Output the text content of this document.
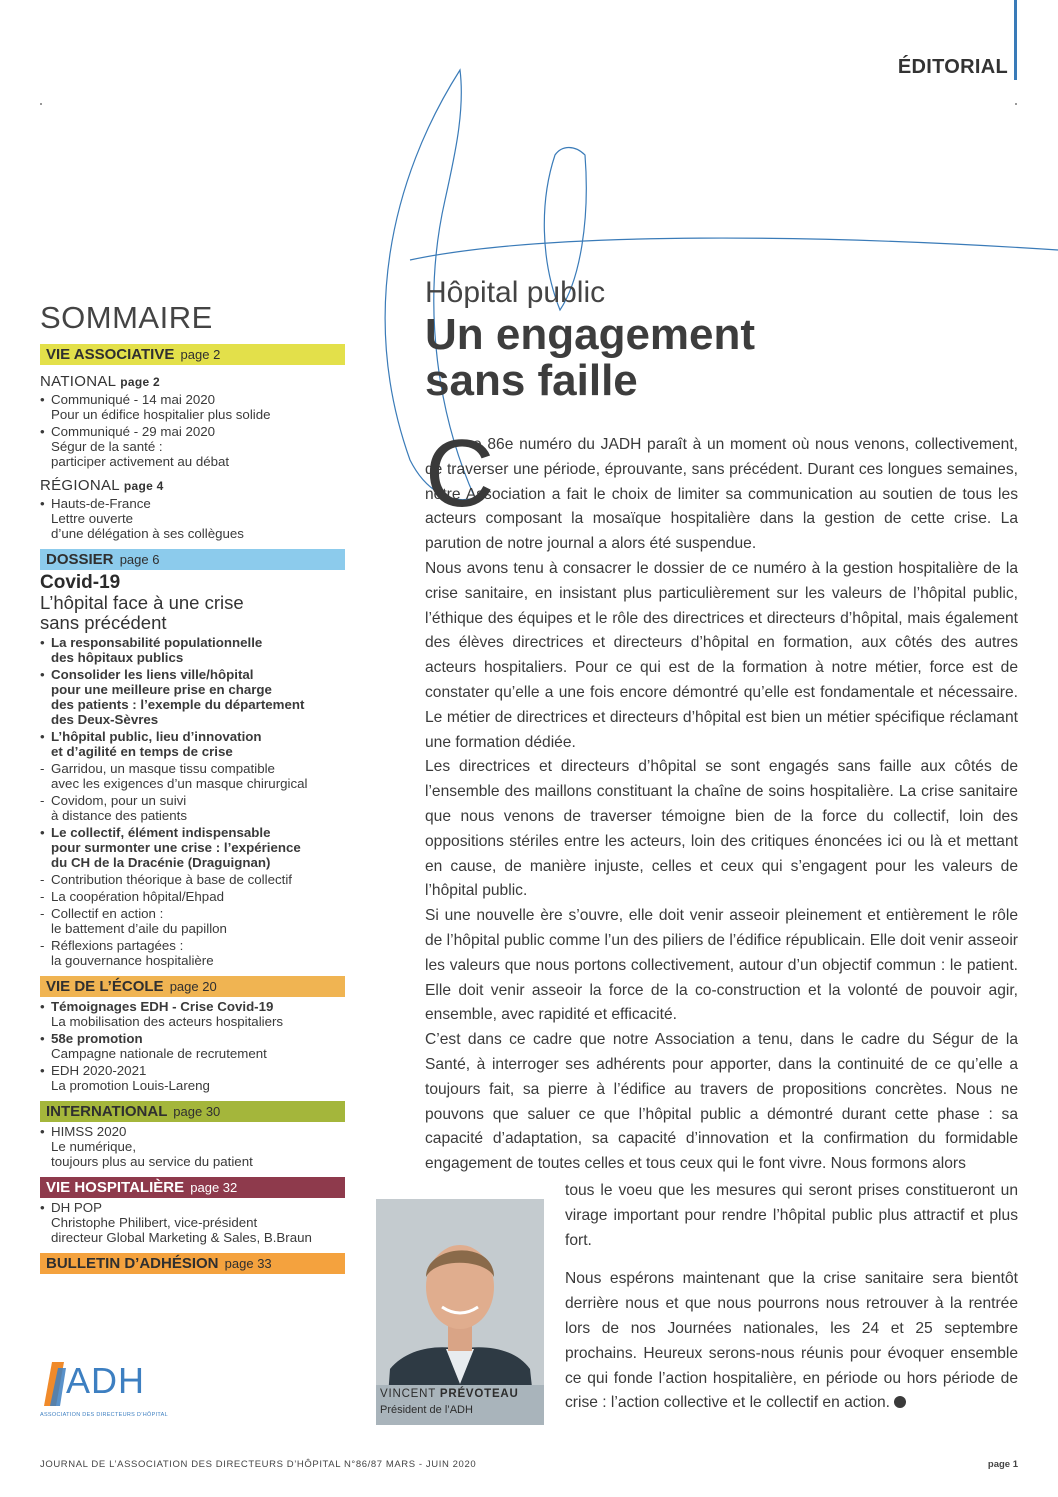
ÉDITORIAL
SOMMAIRE
VIE ASSOCIATIVE page 2
NATIONAL page 2
• Communiqué - 14 mai 2020
Pour un édifice hospitalier plus solide
• Communiqué - 29 mai 2020
Ségur de la santé :
participer activement au débat
RÉGIONAL page 4
• Hauts-de-France
Lettre ouverte
d’une délégation à ses collègues
DOSSIER page 6
Covid-19
L’hôpital face à une crise
sans précédent
• La responsabilité populationnelle
des hôpitaux publics
• Consolider les liens ville/hôpital
pour une meilleure prise en charge
des patients : l’exemple du département
des Deux-Sèvres
• L’hôpital public, lieu d’innovation
et d’agilité en temps de crise
- Garridou, un masque tissu compatible
avec les exigences d’un masque chirurgical
- Covidom, pour un suivi
à distance des patients
• Le collectif, élément indispensable
pour surmonter une crise : l’expérience
du CH de la Dracénie (Draguignan)
- Contribution théorique à base de collectif
- La coopération hôpital/Ehpad
- Collectif en action :
le battement d’aile du papillon
- Réflexions partagées :
la gouvernance hospitalière
VIE DE L’ÉCOLE page 20
• Témoignages EDH - Crise Covid-19
La mobilisation des acteurs hospitaliers
• 58e promotion
Campagne nationale de recrutement
• EDH 2020-2021
La promotion Louis-Lareng
INTERNATIONAL page 30
• HIMSS 2020
Le numérique,
toujours plus au service du patient
VIE HOSPITALIÈRE page 32
• DH POP
Christophe Philibert, vice-président
directeur Global Marketing & Sales, B.Braun
BULLETIN D’ADHÉSION page 33
ADH
ASSOCIATION DES DIRECTEURS D’HÔPITAL
Hôpital public
Un engagement
sans faille
C

e 86e numéro du JADH paraît à un moment où nous venons, collectivement, de traverser une période, éprouvante, sans précédent. Durant ces longues semaines, notre Association a fait le choix de limiter sa communication au soutien de tous les acteurs composant la mosaïque hospitalière dans la gestion de cette crise. La parution de notre journal a alors été suspendue.

Nous avons tenu à consacrer le dossier de ce numéro à la gestion hospitalière de la crise sanitaire, en insistant plus particulièrement sur les valeurs de l’hôpital public, l’éthique des équipes et le rôle des directrices et directeurs d’hôpital, mais également des élèves directrices et directeurs d’hôpital en formation, aux côtés des autres acteurs hospitaliers. Pour ce qui est de la formation à notre métier, force est de constater qu’elle a une fois encore démontré qu’elle est fondamentale et nécessaire. Le métier de directrices et directeurs d’hôpital est bien un métier spécifique réclamant une formation dédiée.

Les directrices et directeurs d’hôpital se sont engagés sans faille aux côtés de l’ensemble des maillons constituant la chaîne de soins hospitalière. La crise sanitaire que nous venons de traverser témoigne bien de la force du collectif, loin des oppositions stériles entre les acteurs, loin des critiques énoncées ici ou là et mettant en cause, de manière injuste, celles et ceux qui s’engagent pour les valeurs de l’hôpital public.

Si une nouvelle ère s’ouvre, elle doit venir asseoir pleinement et entièrement le rôle de l’hôpital public comme l’un des piliers de l’édifice républicain. Elle doit venir asseoir les valeurs que nous portons collectivement, autour d’un objectif commun : le patient. Elle doit venir asseoir la force de la co-construction et la volonté de pouvoir agir, ensemble, avec rapidité et efficacité.

C’est dans ce cadre que notre Association a tenu, dans le cadre du Ségur de la Santé, à interroger ses adhérents pour apporter, dans la continuité de ce qu’elle a toujours fait, sa pierre à l’édifice au travers de propositions concrètes. Nous ne pouvons que saluer ce que l’hôpital public a démontré durant cette phase : sa capacité d’adaptation, sa capacité d’innovation et la confirmation du formidable engagement de toutes celles et tous ceux qui le font vivre. Nous formons alors

tous le voeu que les mesures qui seront prises constitueront un virage important pour rendre l’hôpital public plus attractif et plus fort.

Nous espérons maintenant que la crise sanitaire sera bientôt derrière nous et que nous pourrons nous retrouver à la rentrée lors de nos Journées nationales, les 24 et 25 septembre prochains. Heureux serons-nous réunis pour évoquer ensemble ce qui fonde l’action hospitalière, en période ou hors période de crise : l’action collective et le collectif en action.

VINCENT PRÉVOTEAU
Président de l’ADH
JOURNAL DE L’ASSOCIATION DES DIRECTEURS D’HÔPITAL N°86/87 MARS - JUIN 2020	page 1
